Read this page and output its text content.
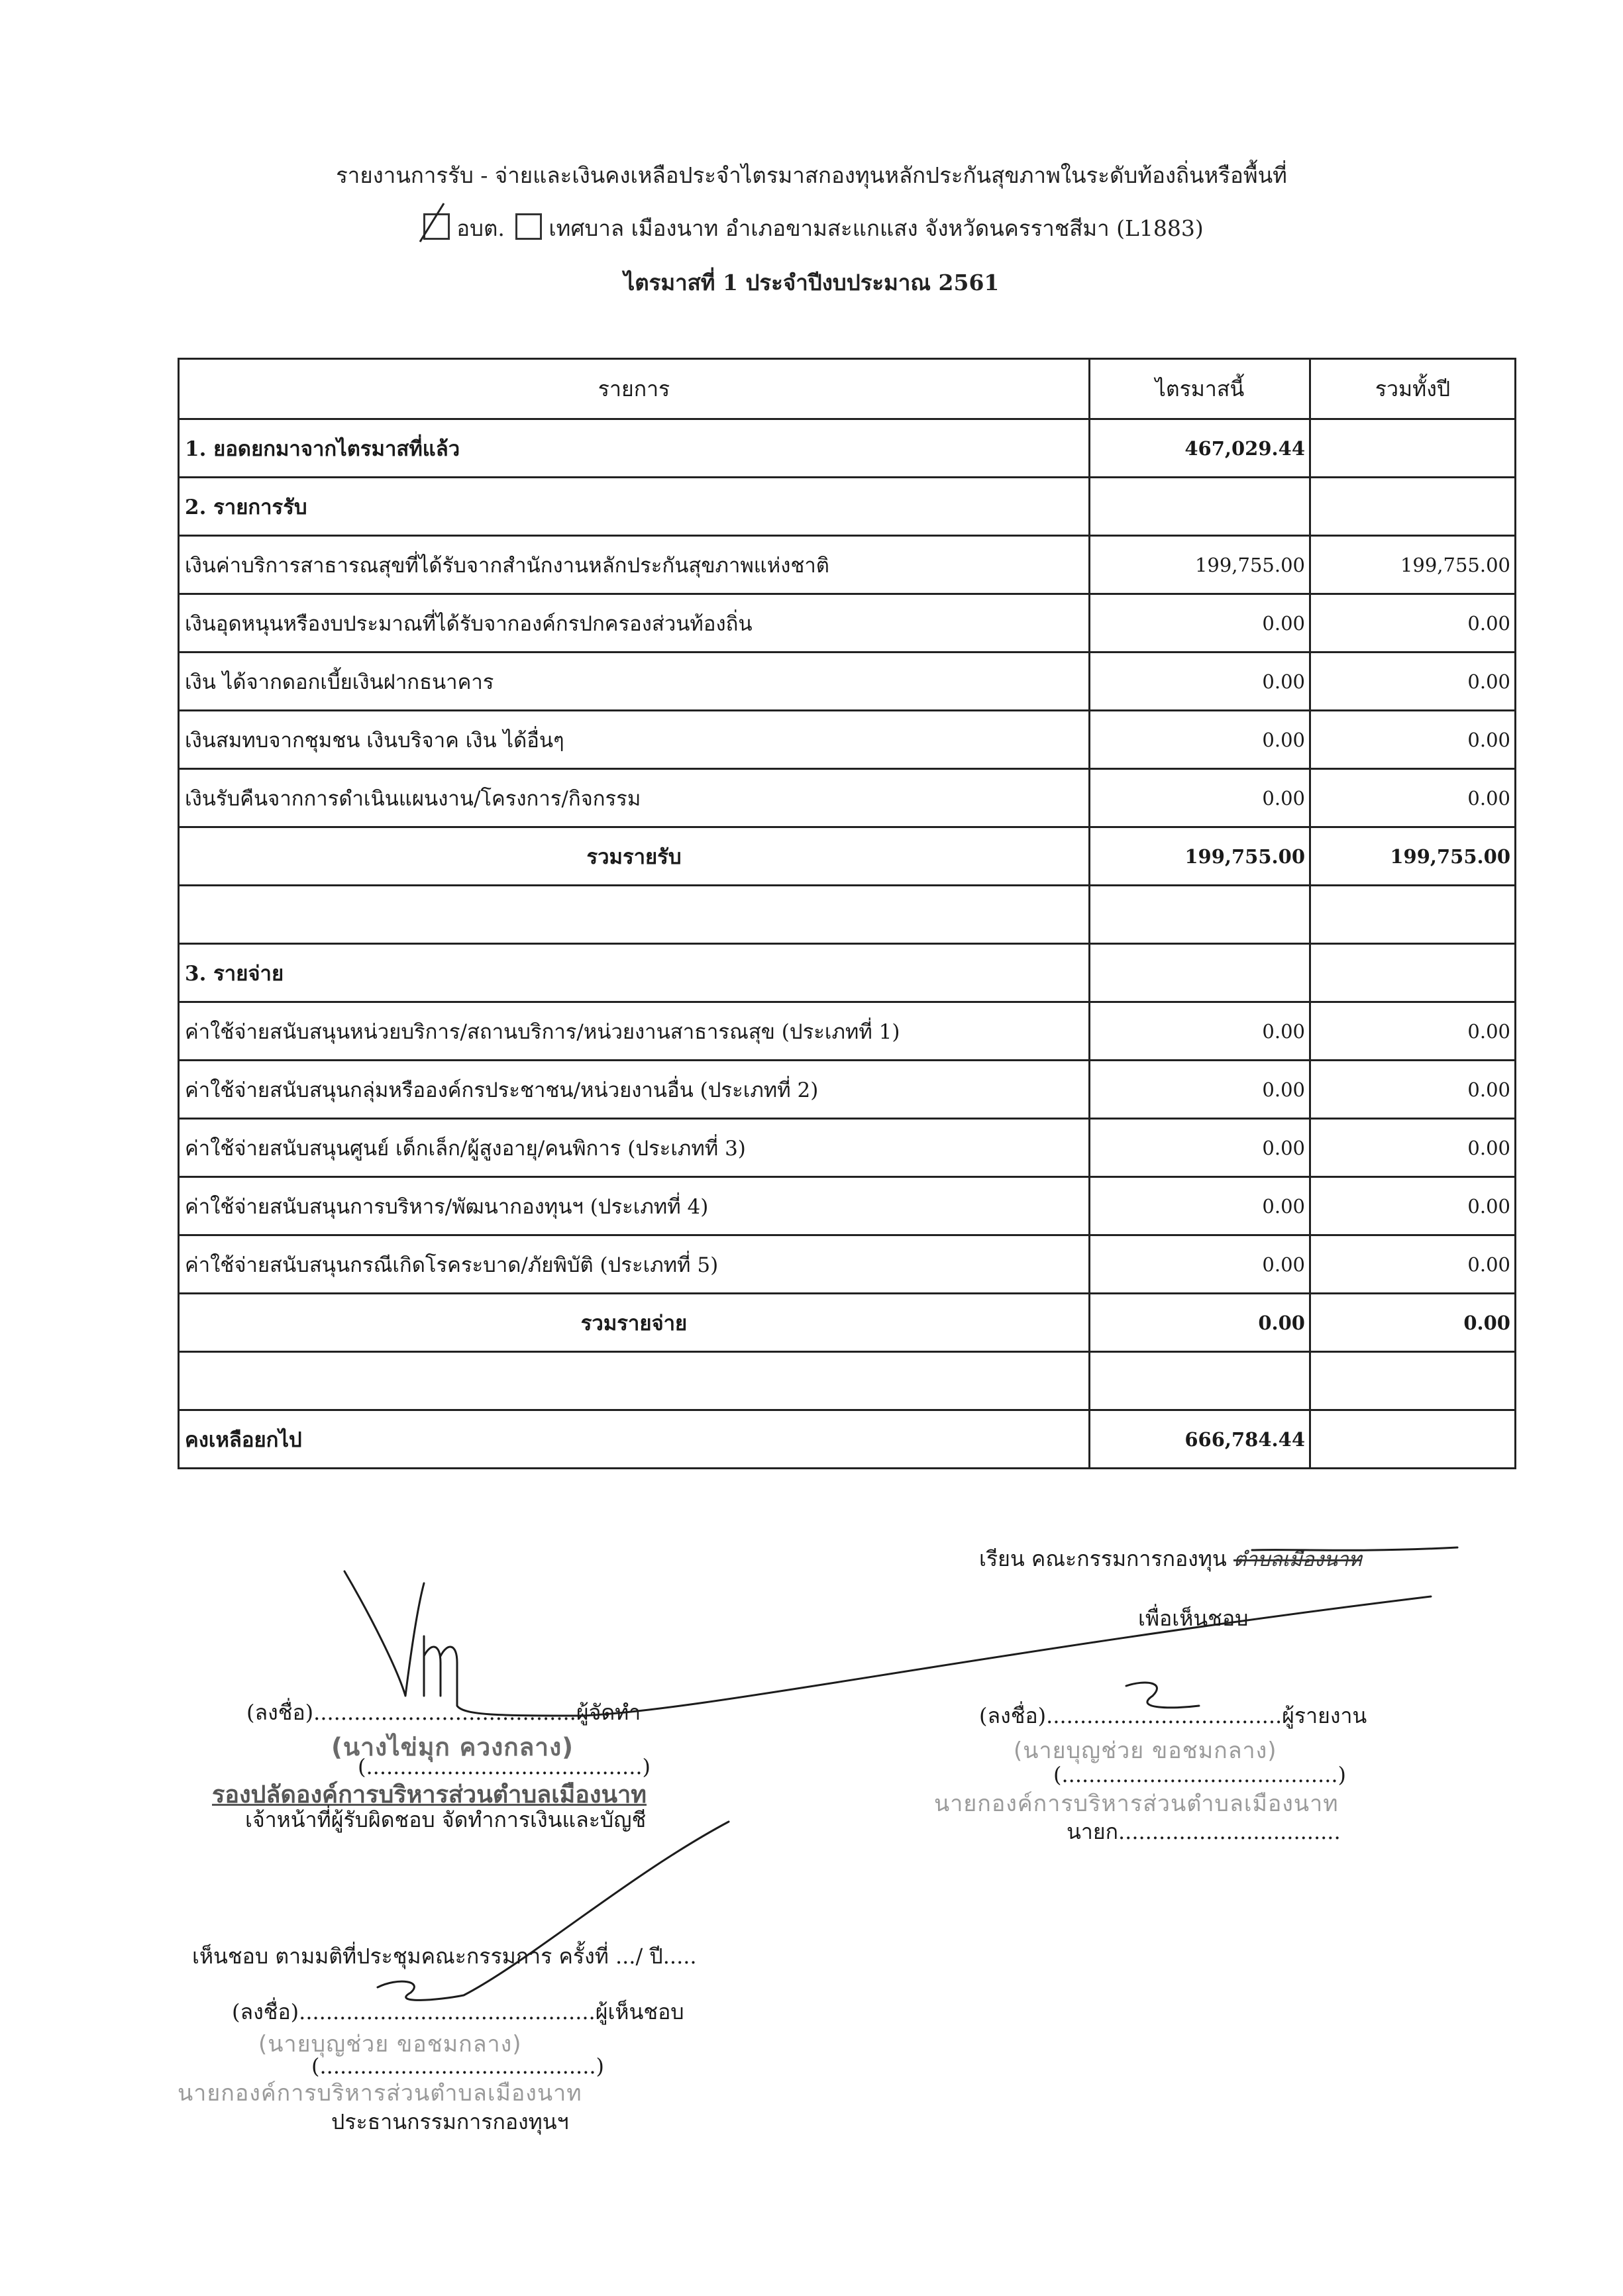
รายงานการรับ - จ่ายและเงินคงเหลือประจำไตรมาสกองทุนหลักประกันสุขภาพในระดับท้องถิ่นหรือพื้นที่
อบต. เทศบาล เมืองนาท อำเภอขามสะแกแสง จังหวัดนครราชสีมา (L1883)
ไตรมาสที่ 1 ประจำปีงบประมาณ 2561
รายการ	ไตรมาสนี้	รวมทั้งปี
1. ยอดยกมาจากไตรมาสที่แล้ว	467,029.44	
2. รายการรับ		
เงินค่าบริการสาธารณสุขที่ได้รับจากสำนักงานหลักประกันสุขภาพแห่งชาติ	199,755.00	199,755.00
เงินอุดหนุนหรืองบประมาณที่ได้รับจากองค์กรปกครองส่วนท้องถิ่น	0.00	0.00
เงิน ได้จากดอกเบี้ยเงินฝากธนาคาร	0.00	0.00
เงินสมทบจากชุมชน เงินบริจาค เงิน ได้อื่นๆ	0.00	0.00
เงินรับคืนจากการดำเนินแผนงาน/โครงการ/กิจกรรม	0.00	0.00
รวมรายรับ	199,755.00	199,755.00

3. รายจ่าย		
ค่าใช้จ่ายสนับสนุนหน่วยบริการ/สถานบริการ/หน่วยงานสาธารณสุข (ประเภทที่ 1)	0.00	0.00
ค่าใช้จ่ายสนับสนุนกลุ่มหรือองค์กรประชาชน/หน่วยงานอื่น (ประเภทที่ 2)	0.00	0.00
ค่าใช้จ่ายสนับสนุนศูนย์ เด็กเล็ก/ผู้สูงอายุ/คนพิการ (ประเภทที่ 3)	0.00	0.00
ค่าใช้จ่ายสนับสนุนการบริหาร/พัฒนากองทุนฯ (ประเภทที่ 4)	0.00	0.00
ค่าใช้จ่ายสนับสนุนกรณีเกิดโรคระบาด/ภัยพิบัติ (ประเภทที่ 5)	0.00	0.00
รวมรายจ่าย	0.00	0.00

คงเหลือยกไป	666,784.44	
เรียน คณะกรรมการกองทุน ตำบลเมืองนาท
เพื่อเห็นชอบ
(ลงชื่อ).......................................ผู้จัดทำ
(นางไข่มุก ควงกลาง)
(.........................................)
รองปลัดองค์การบริหารส่วนตำบลเมืองนาท
เจ้าหน้าที่ผู้รับผิดชอบ จัดทำการเงินและบัญชี
(ลงชื่อ)...................................ผู้รายงาน
(นายบุญช่วย ขอชมกลาง)
(.........................................)
นายกองค์การบริหารส่วนตำบลเมืองนาท
นายก.................................
เห็นชอบ ตามมติที่ประชุมคณะกรรมการ ครั้งที่ .../ ปี.....
(ลงชื่อ)............................................ผู้เห็นชอบ
(นายบุญช่วย ขอชมกลาง)
(.........................................)
นายกองค์การบริหารส่วนตำบลเมืองนาท
ประธานกรรมการกองทุนฯ
